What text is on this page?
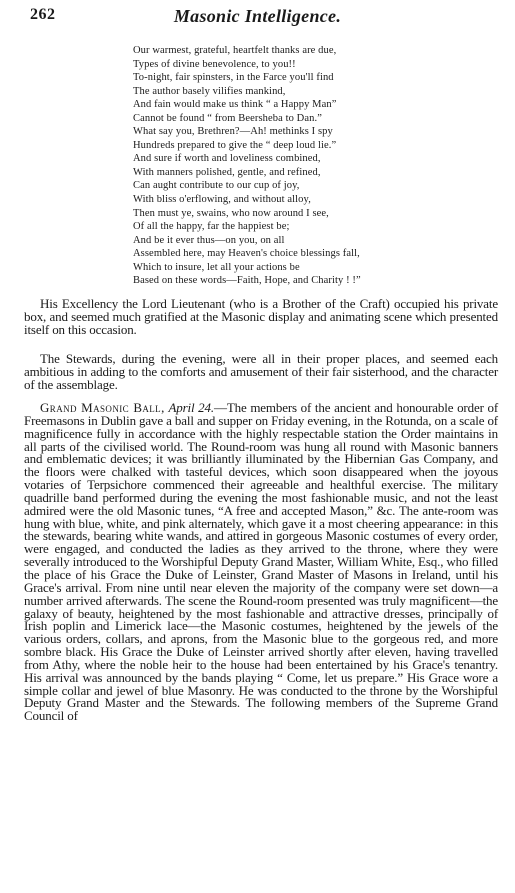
262	Masonic Intelligence.
Our warmest, grateful, heartfelt thanks are due,
Types of divine benevolence, to you!!
To-night, fair spinsters, in the Farce you'll find
The author basely vilifies mankind,
And fain would make us think “ a Happy Man”
Cannot be found “ from Beersheba to Dan.”
What say you, Brethren?—Ah! methinks I spy
Hundreds prepared to give the “ deep loud lie.”
And sure if worth and loveliness combined,
With manners polished, gentle, and refined,
Can aught contribute to our cup of joy,
With bliss o'erflowing, and without alloy,
Then must ye, swains, who now around I see,
Of all the happy, far the happiest be;
And be it ever thus—on you, on all
Assembled here, may Heaven's choice blessings fall,
Which to insure, let all your actions be
Based on these words—Faith, Hope, and Charity ! !”

His Excellency the Lord Lieutenant (who is a Brother of the Craft) occupied his private box, and seemed much gratified at the Masonic display and animating scene which presented itself on this occasion.

The Stewards, during the evening, were all in their proper places, and seemed each ambitious in adding to the comforts and amusement of their fair sisterhood, and the character of the assemblage.

Grand Masonic Ball, April 24.—The members of the ancient and honourable order of Freemasons in Dublin gave a ball and supper on Friday evening, in the Rotunda, on a scale of magnificence fully in accordance with the highly respectable station the Order maintains in all parts of the civilised world. The Round-room was hung all round with Masonic banners and emblematic devices; it was brilliantly illuminated by the Hibernian Gas Company, and the floors were chalked with tasteful devices, which soon disappeared when the joyous votaries of Terpsichore commenced their agreeable and healthful exercise. The military quadrille band performed during the evening the most fashionable music, and not the least admired were the old Masonic tunes, “A free and accepted Mason,” &c. The ante-room was hung with blue, white, and pink alternately, which gave it a most cheering appearance: in this the stewards, bearing white wands, and attired in gorgeous Masonic costumes of every order, were engaged, and conducted the ladies as they arrived to the throne, where they were severally introduced to the Worshipful Deputy Grand Master, William White, Esq., who filled the place of his Grace the Duke of Leinster, Grand Master of Masons in Ireland, until his Grace's arrival. From nine until near eleven the majority of the company were set down—a number arrived afterwards. The scene the Round-room presented was truly magnificent—the galaxy of beauty, heightened by the most fashionable and attractive dresses, principally of Irish poplin and Limerick lace—the Masonic costumes, heightened by the jewels of the various orders, collars, and aprons, from the Masonic blue to the gorgeous red, and more sombre black. His Grace the Duke of Leinster arrived shortly after eleven, having travelled from Athy, where the noble heir to the house had been entertained by his Grace's tenantry. His arrival was announced by the bands playing “ Come, let us prepare.” His Grace wore a simple collar and jewel of blue Masonry. He was conducted to the throne by the Worshipful Deputy Grand Master and the Stewards. The following members of the Supreme Grand Council of
